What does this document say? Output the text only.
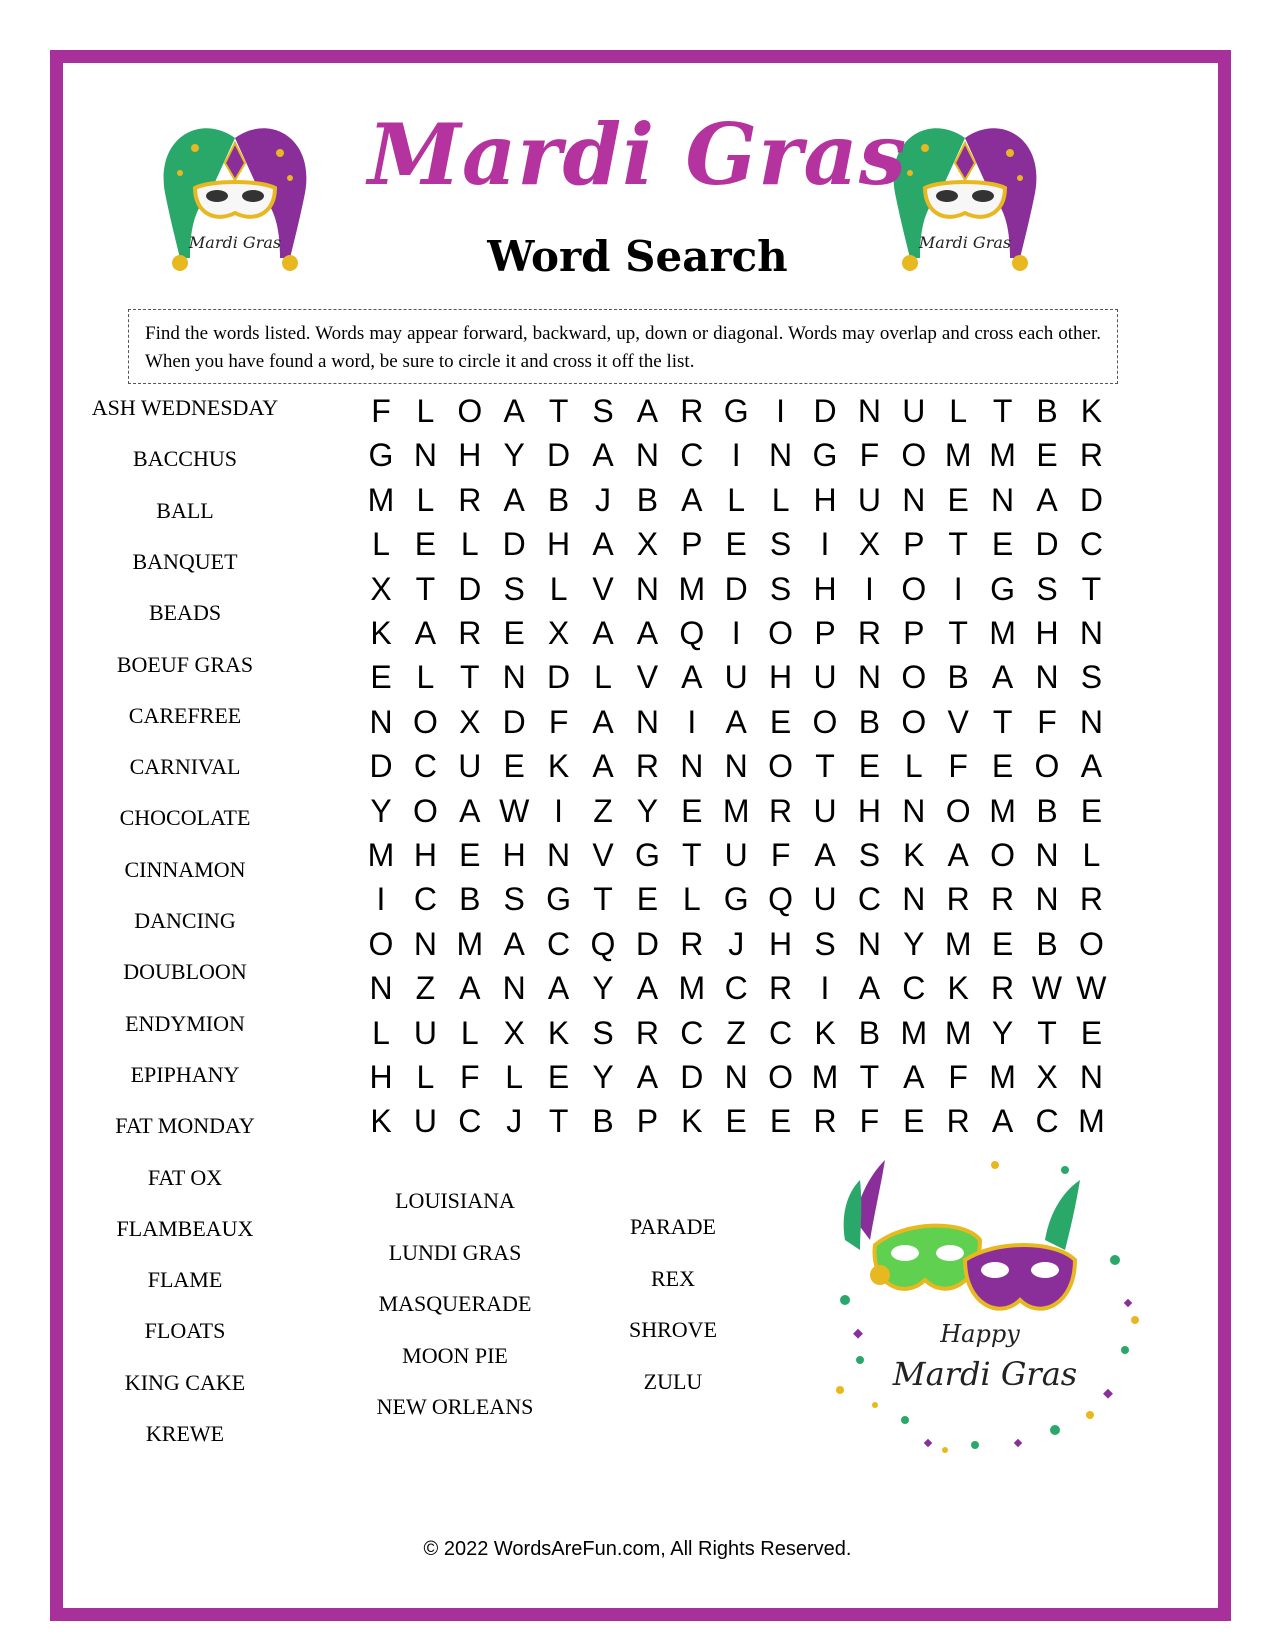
Mardi Gras	Mardi Gras
Mardi Gras
Word Search
Find the words listed. Words may appear forward, backward, up, down or diagonal. Words may overlap and cross each other. When you have found a word, be sure to circle it and cross it off the list.
ASH WEDNESDAY
BACCHUS
BALL
BANQUET
BEADS
BOEUF GRAS
CAREFREE
CARNIVAL
CHOCOLATE
CINNAMON
DANCING
DOUBLOON
ENDYMION
EPIPHANY
FAT MONDAY
FAT OX
FLAMBEAUX
FLAME
FLOATS
KING CAKE
KREWE
LOUISIANA
LUNDI GRAS
MASQUERADE
MOON PIE
NEW ORLEANS
PARADE
REX
SHROVE
ZULU
F L O A T S A R G I D N U L T B K
G N H Y D A N C I N G F O M M E R
M L R A B J B A L L H U N E N A D
L E L D H A X P E S I X P T E D C
X T D S L V N M D S H I O I G S T
K A R E X A A Q I O P R P T M H N
E L T N D L V A U H U N O B A N S
N O X D F A N I A E O B O V T F N
D C U E K A R N N O T E L F E O A
Y O A W I Z Y E M R U H N O M B E
M H E H N V G T U F A S K A O N L
I C B S G T E L G Q U C N R R N R
O N M A C Q D R J H S N Y M E B O
N Z A N A Y A M C R I A C K R W W
L U L X K S R C Z C K B M M Y T E
H L F L E Y A D N O M T A F M X N
K U C J T B P K E E R F E R A C M
Happy
Mardi Gras
© 2022 WordsAreFun.com, All Rights Reserved.
